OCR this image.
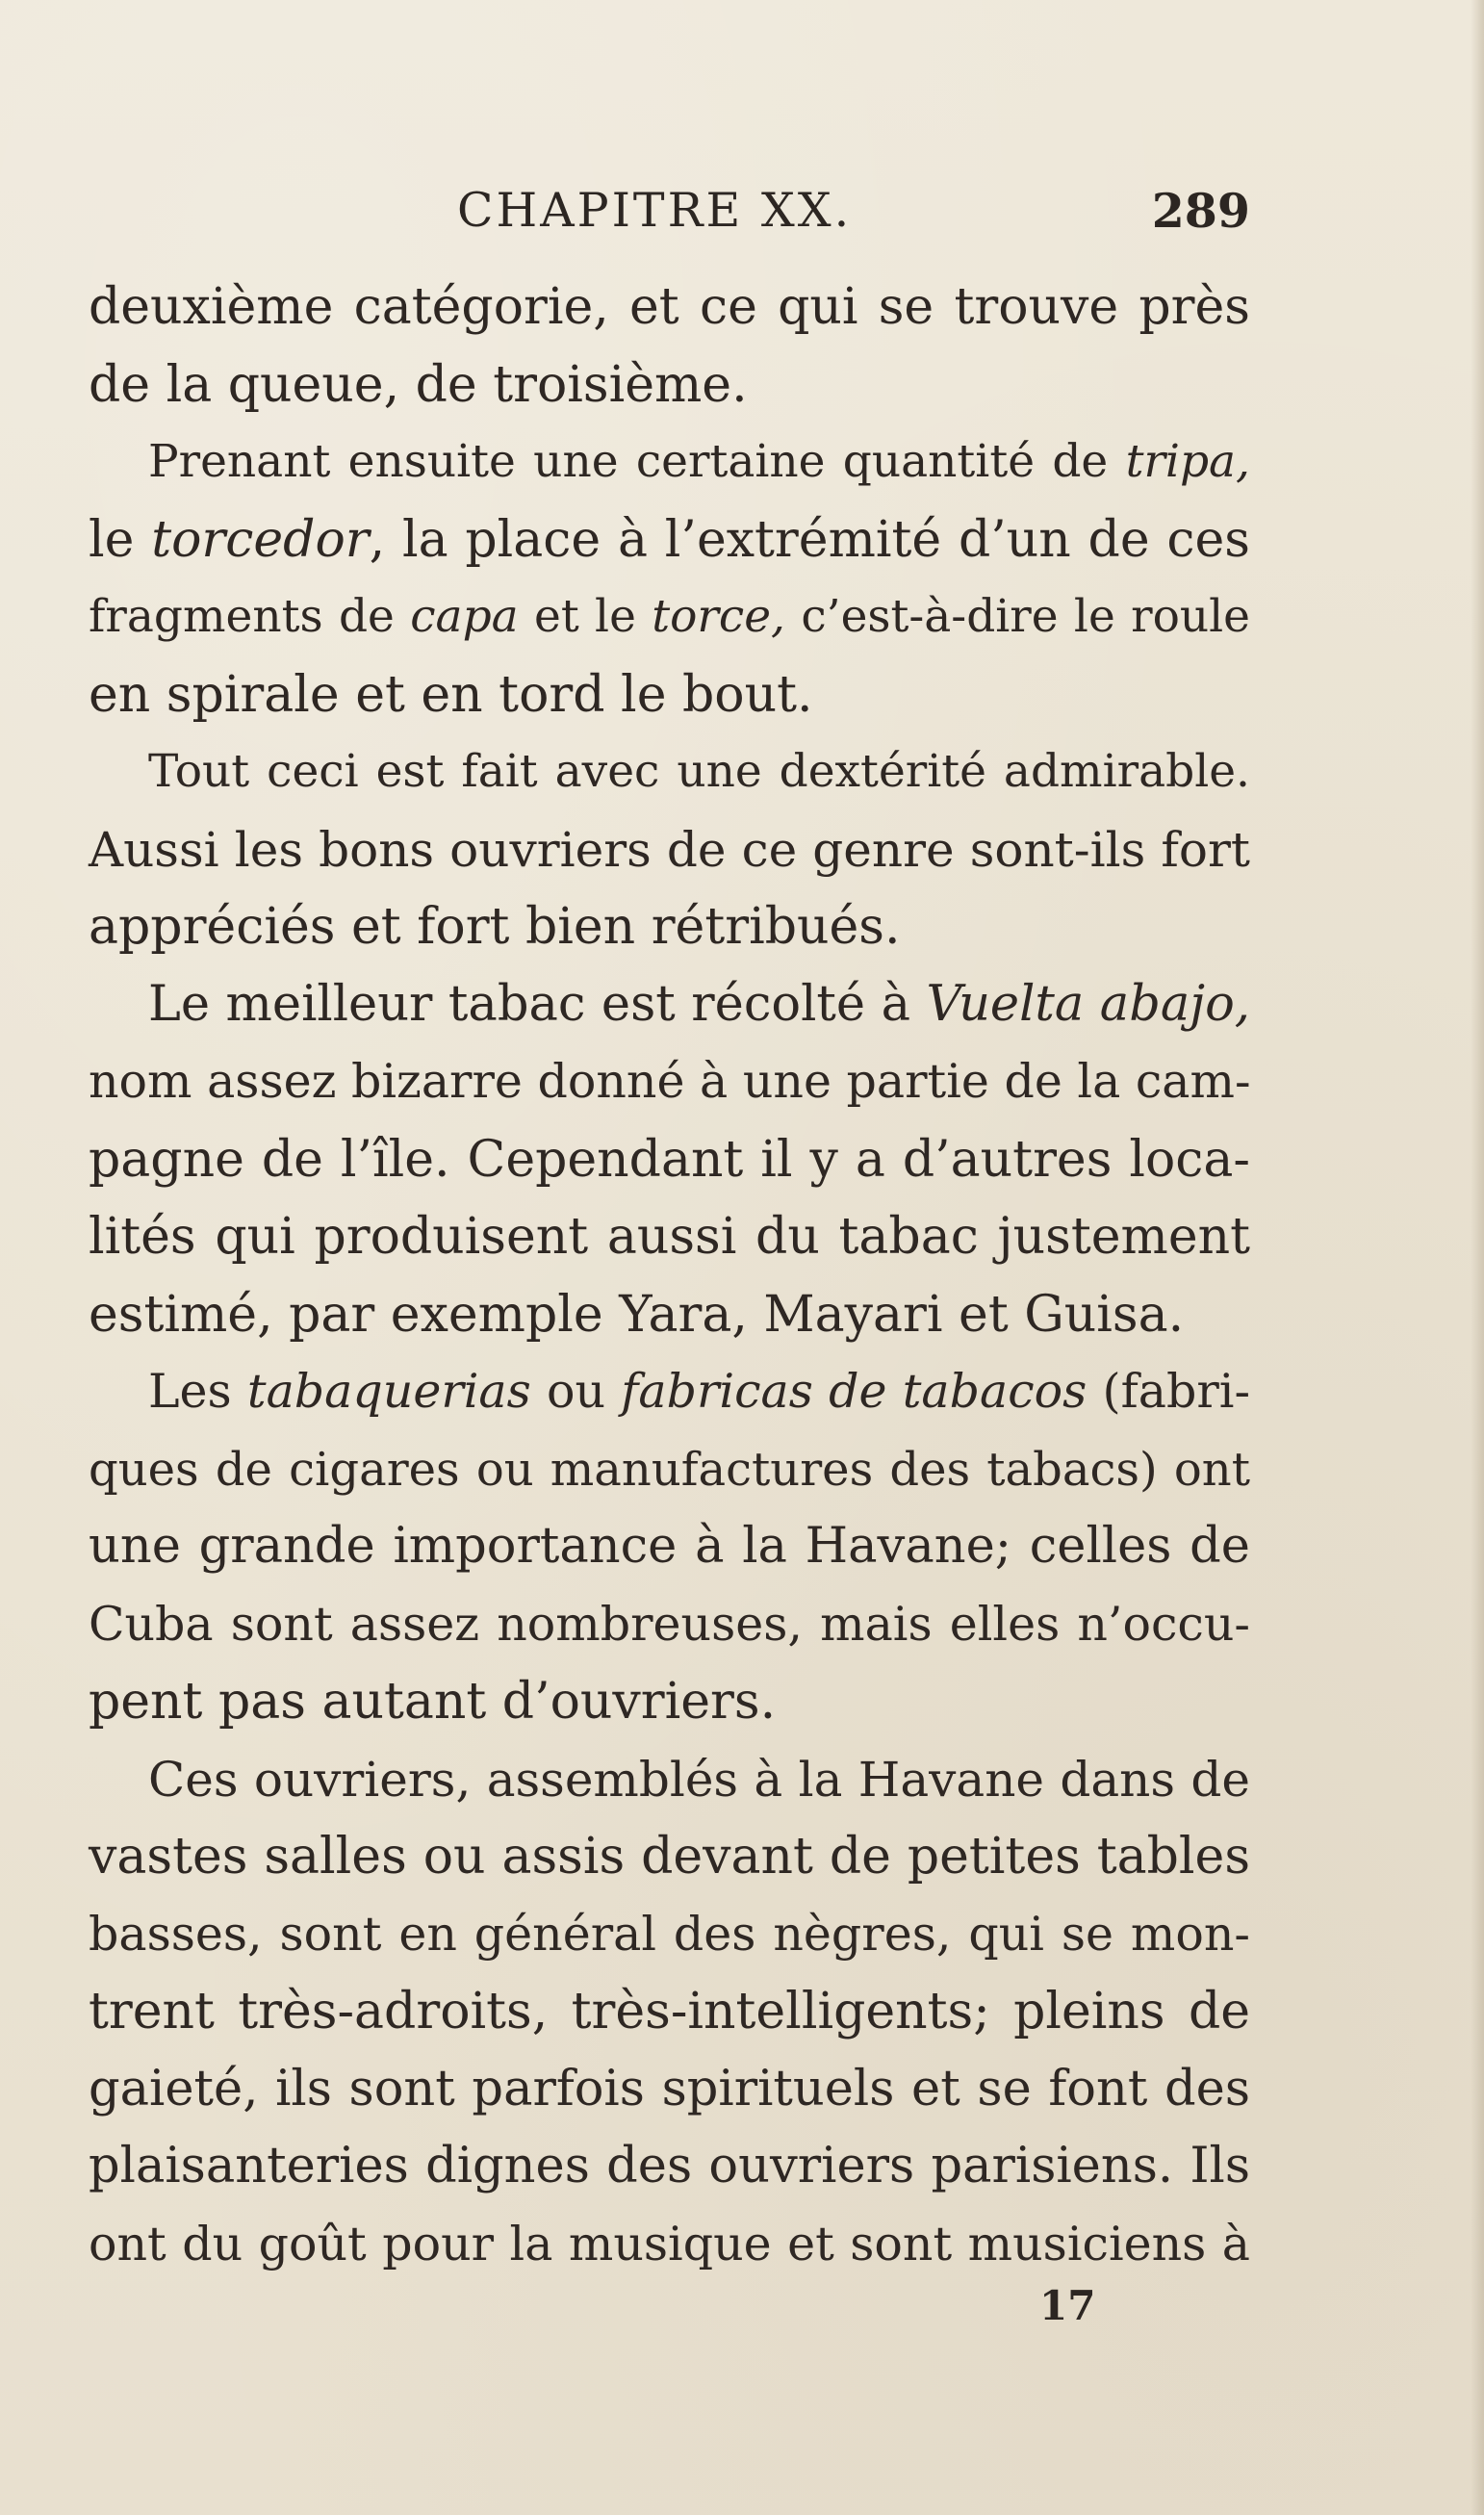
CHAPITRE XX.	289
deuxième catégorie, et ce qui se trouve près
de la queue, de troisième.
Prenant ensuite une certaine quantité de tripa,
le torcedor, la place à l’extrémité d’un de ces
fragments de capa et le torce, c’est-à-dire le roule
en spirale et en tord le bout.
Tout ceci est fait avec une dextérité admirable.
Aussi les bons ouvriers de ce genre sont-ils fort
appréciés et fort bien rétribués.
Le meilleur tabac est récolté à Vuelta abajo,
nom assez bizarre donné à une partie de la cam-
pagne de l’île. Cependant il y a d’autres loca-
lités qui produisent aussi du tabac justement
estimé, par exemple Yara, Mayari et Guisa.
Les tabaquerias ou fabricas de tabacos (fabri-
ques de cigares ou manufactures des tabacs) ont
une grande importance à la Havane; celles de
Cuba sont assez nombreuses, mais elles n’occu-
pent pas autant d’ouvriers.
Ces ouvriers, assemblés à la Havane dans de
vastes salles ou assis devant de petites tables
basses, sont en général des nègres, qui se mon-
trent très-adroits, très-intelligents; pleins de
gaieté, ils sont parfois spirituels et se font des
plaisanteries dignes des ouvriers parisiens. Ils
ont du goût pour la musique et sont musiciens à
17
